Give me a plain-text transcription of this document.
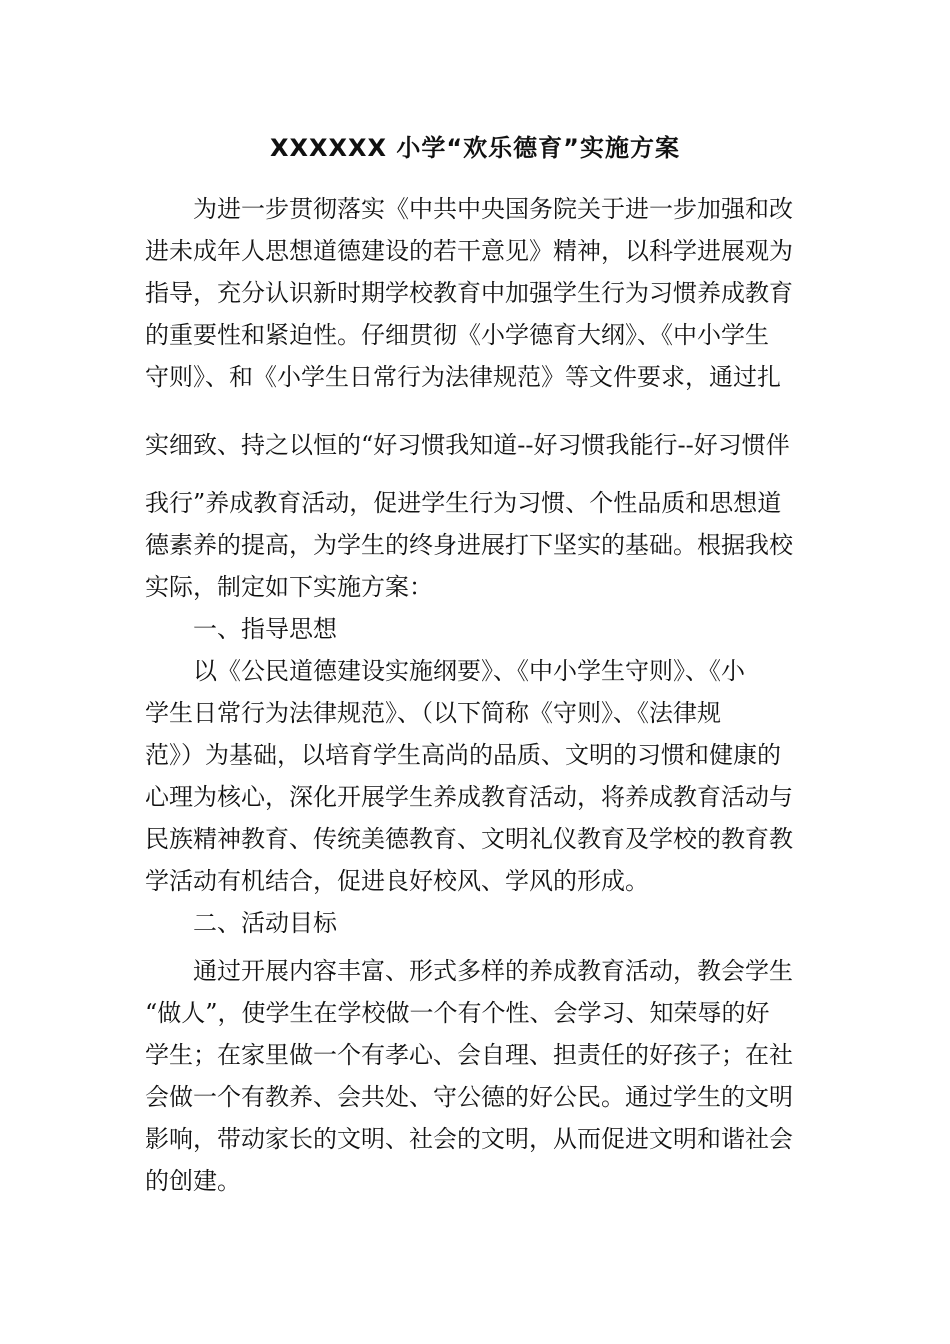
XXXXXX 小学“欢乐德育”实施方案
为进一步贯彻落实《中共中央国务院关于进一步加强和改
进未成年人思想道德建设的若干意见》精神，以科学进展观为
指导，充分认识新时期学校教育中加强学生行为习惯养成教育
的重要性和紧迫性。仔细贯彻《小学德育大纲》、《中小学生
守则》、和《小学生日常行为法律规范》等文件要求，通过扎
实细致、持之以恒的“好习惯我知道--好习惯我能行--好习惯伴
我行”养成教育活动，促进学生行为习惯、个性品质和思想道
德素养的提高，为学生的终身进展打下坚实的基础。根据我校
实际，制定如下实施方案：
一、指导思想
以《公民道德建设实施纲要》、《中小学生守则》、《小
学生日常行为法律规范》、（以下简称《守则》、《法律规
范》）为基础，以培育学生高尚的品质、文明的习惯和健康的
心理为核心，深化开展学生养成教育活动，将养成教育活动与
民族精神教育、传统美德教育、文明礼仪教育及学校的教育教
学活动有机结合，促进良好校风、学风的形成。
二、活动目标
通过开展内容丰富、形式多样的养成教育活动，教会学生
“做人”，使学生在学校做一个有个性、会学习、知荣辱的好
学生；在家里做一个有孝心、会自理、担责任的好孩子；在社
会做一个有教养、会共处、守公德的好公民。通过学生的文明
影响，带动家长的文明、社会的文明，从而促进文明和谐社会
的创建。
